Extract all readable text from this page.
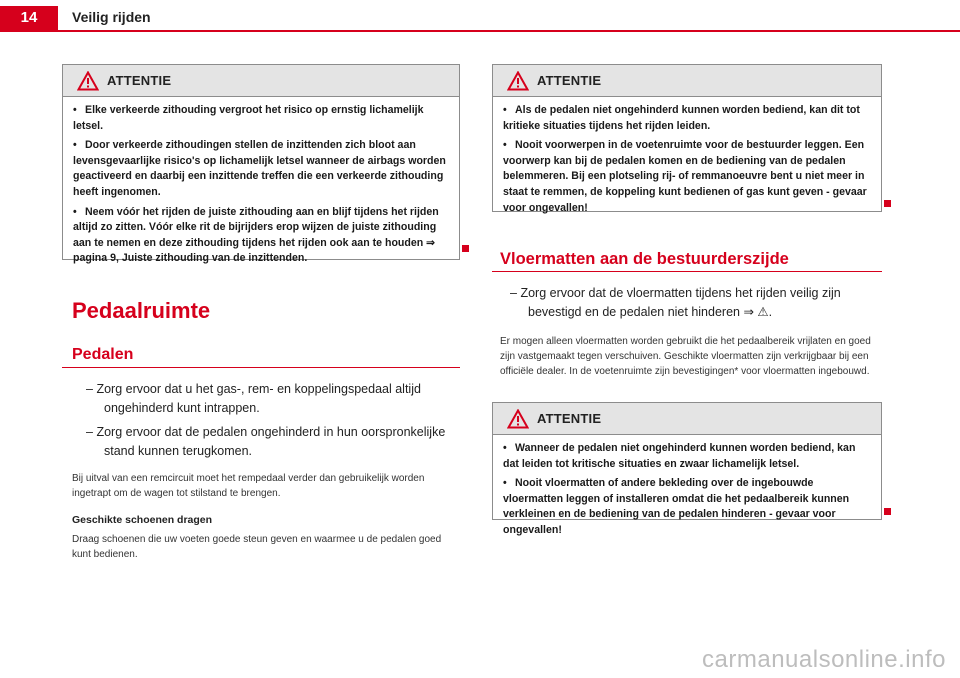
14	Veilig rijden
ATTENTIE

• Elke verkeerde zithouding vergroot het risico op ernstig lichamelijk letsel.

• Door verkeerde zithoudingen stellen de inzittenden zich bloot aan levensgevaarlijke risico's op lichamelijk letsel wanneer de airbags worden geactiveerd en daarbij een inzittende treffen die een verkeerde zithouding heeft ingenomen.

• Neem vóór het rijden de juiste zithouding aan en blijf tijdens het rijden altijd zo zitten. Vóór elke rit de bijrijders erop wijzen de juiste zithouding aan te nemen en deze zithouding tijdens het rijden ook aan te houden ⇒ pagina 9, Juiste zithouding van de inzittenden.

Pedaalruimte
Pedalen
– Zorg ervoor dat u het gas-, rem- en koppelingspedaal altijd ongehinderd kunt intrappen.
– Zorg ervoor dat de pedalen ongehinderd in hun oorspronkelijke stand kunnen terugkomen.
Bij uitval van een remcircuit moet het rempedaal verder dan gebruikelijk worden ingetrapt om de wagen tot stilstand te brengen.
Geschikte schoenen dragen
Draag schoenen die uw voeten goede steun geven en waarmee u de pedalen goed kunt bedienen.
ATTENTIE

• Als de pedalen niet ongehinderd kunnen worden bediend, kan dit tot kritieke situaties tijdens het rijden leiden.

• Nooit voorwerpen in de voetenruimte voor de bestuurder leggen. Een voorwerp kan bij de pedalen komen en de bediening van de pedalen belemmeren. Bij een plotseling rij- of remmanoeuvre bent u niet meer in staat te remmen, de koppeling kunt bedienen of gas kunt geven - gevaar voor ongevallen!

Vloermatten aan de bestuurderszijde
– Zorg ervoor dat de vloermatten tijdens het rijden veilig zijn bevestigd en de pedalen niet hinderen ⇒ ⚠.
Er mogen alleen vloermatten worden gebruikt die het pedaalbereik vrijlaten en goed zijn vastgemaakt tegen verschuiven. Geschikte vloermatten zijn verkrijgbaar bij een officiële dealer. In de voetenruimte zijn bevestigingen* voor vloermatten ingebouwd.
ATTENTIE

• Wanneer de pedalen niet ongehinderd kunnen worden bediend, kan dat leiden tot kritische situaties en zwaar lichamelijk letsel.

• Nooit vloermatten of andere bekleding over de ingebouwde vloermatten leggen of installeren omdat die het pedaalbereik kunnen verkleinen en de bediening van de pedalen hinderen - gevaar voor ongevallen!

carmanualsonline.info
